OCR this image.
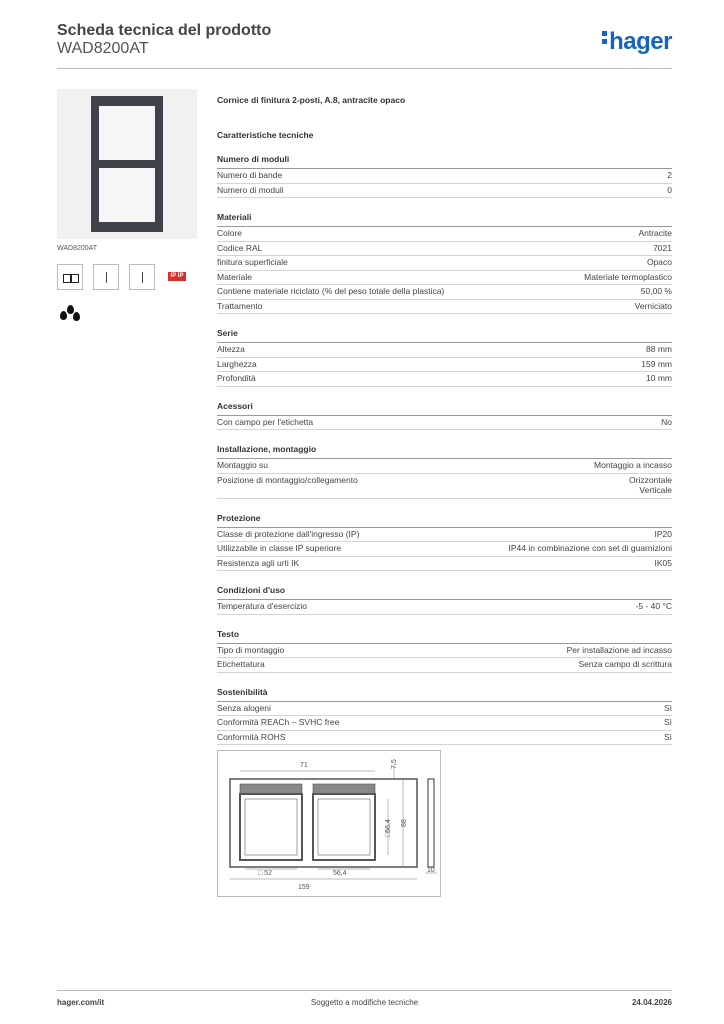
Scheda tecnica del prodotto
WAD8200AT	hager
WAD8200AT
IP IP
Cornice di finitura 2-posti, A.8, antracite opaco
Caratteristiche tecniche
Numero di moduli
Numero di bande	2
Numero di moduli	0
Materiali
Colore	Antracite
Codice RAL	7021
finitura superficiale	Opaco
Materiale	Materiale termoplastico
Contiene materiale riciclato (% del peso totale della plastica)	50,00 %
Trattamento	Verniciato
Serie
Altezza	88 mm
Larghezza	159 mm
Profondità	10 mm
Acessori
Con campo per l'etichetta	No
Installazione, montaggio
Montaggio su	Montaggio a incasso
Posizione di montaggio/collegamento	Orizzontale
Verticale
Protezione
Classe di protezione dall'ingresso (IP)	IP20
Utilizzabile in classe IP superiore	IP44 in combinazione con set di guarnizioni
Resistenza agli urti IK	IK05
Condizioni d'uso
Temperatura d'esercizio	-5 - 40 °C
Testo
Tipo di montaggio	Per installazione ad incasso
Etichettatura	Senza campo di scrittura
Sostenibilità
Senza alogeni	Sì
Conformità REACh – SVHC free	Sì
Conformità ROHS	Sì
71	7,5
□56,4 88
□ 52	56,4
159
10
hager.com/it	Soggetto a modifiche tecniche	24.04.2026
